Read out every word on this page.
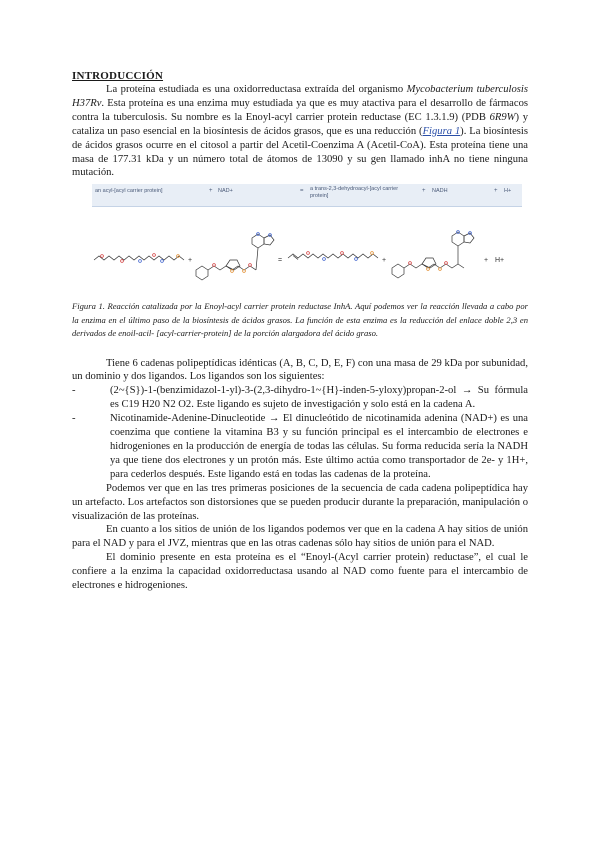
INTRODUCCIÓN

La proteína estudiada es una oxidorreductasa extraída del organismo Mycobacterium tuberculosis H37Rv. Esta proteína es una enzima muy estudiada ya que es muy atactiva para el desarrollo de fármacos contra la tuberculosis. Su nombre es la Enoyl-acyl carrier protein reductase (EC 1.3.1.9) (PDB 6R9W) y cataliza un paso esencial en la biosíntesis de ácidos grasos, que es una reducción (Figura 1). La biosíntesis de ácidos grasos ocurre en el citosol a partir del Acetil-Coenzima A (Acetil-CoA). Esta proteína tiene una masa de 177.31 kDa y un número total de átomos de 13090 y su gen llamado inhA no tiene ninguna mutación.

an acyl-[acyl carrier protein]	+ NAD+	= a trans-2,3-dehydroacyl-[acyl carrier protein]
+ NADH	+ H+
+	=	+	+ H+
Figura 1. Reacción catalizada por la Enoyl-acyl carrier protein reductase InhA. Aquí podemos ver la reacción llevada a cabo por la enzima en el último paso de la biosíntesis de ácidos grasos. La función de esta enzima es la reducción del enlace doble 2,3 en derivados de enoil-acil- [acyl-carrier-protein] de la porción alargadora del ácido graso.

Tiene 6 cadenas polipeptídicas idénticas (A, B, C, D, E, F) con una masa de 29 kDa por subunidad, un dominio y dos ligandos. Los ligandos son los siguientes:

-	(2~{S})-1-(benzimidazol-1-yl)-3-(2,3-dihydro-1~{H}-inden-5-yloxy)propan-2-ol → Su fórmula es C19 H20 N2 O2. Este ligando es sujeto de investigación y solo está en la cadena A.
-	Nicotinamide-Adenine-Dinucleotide → El dinucleótido de nicotinamida adenina (NAD+) es una coenzima que contiene la vitamina B3 y su función principal es el intercambio de electrones e hidrogeniones en la producción de energía de todas las células. Su forma reducida sería la NADH ya que tiene dos electrones y un protón más. Este último actúa como transportador de 2e- y 1H+, para cederlos después. Este ligando está en todas las cadenas de la proteína.

Podemos ver que en las tres primeras posiciones de la secuencia de cada cadena polipeptídica hay un artefacto. Los artefactos son distorsiones que se pueden producir durante la preparación, manipulación o visualización de las proteínas.

En cuanto a los sitios de unión de los ligandos podemos ver que en la cadena A hay sitios de unión para el NAD y para el JVZ, mientras que en las otras cadenas sólo hay sitios de unión para el NAD.

El dominio presente en esta proteína es el “Enoyl-(Acyl carrier protein) reductase”, el cual le confiere a la enzima la capacidad oxidorreductasa usando al NAD como fuente para el intercambio de electrones e hidrogeniones.
